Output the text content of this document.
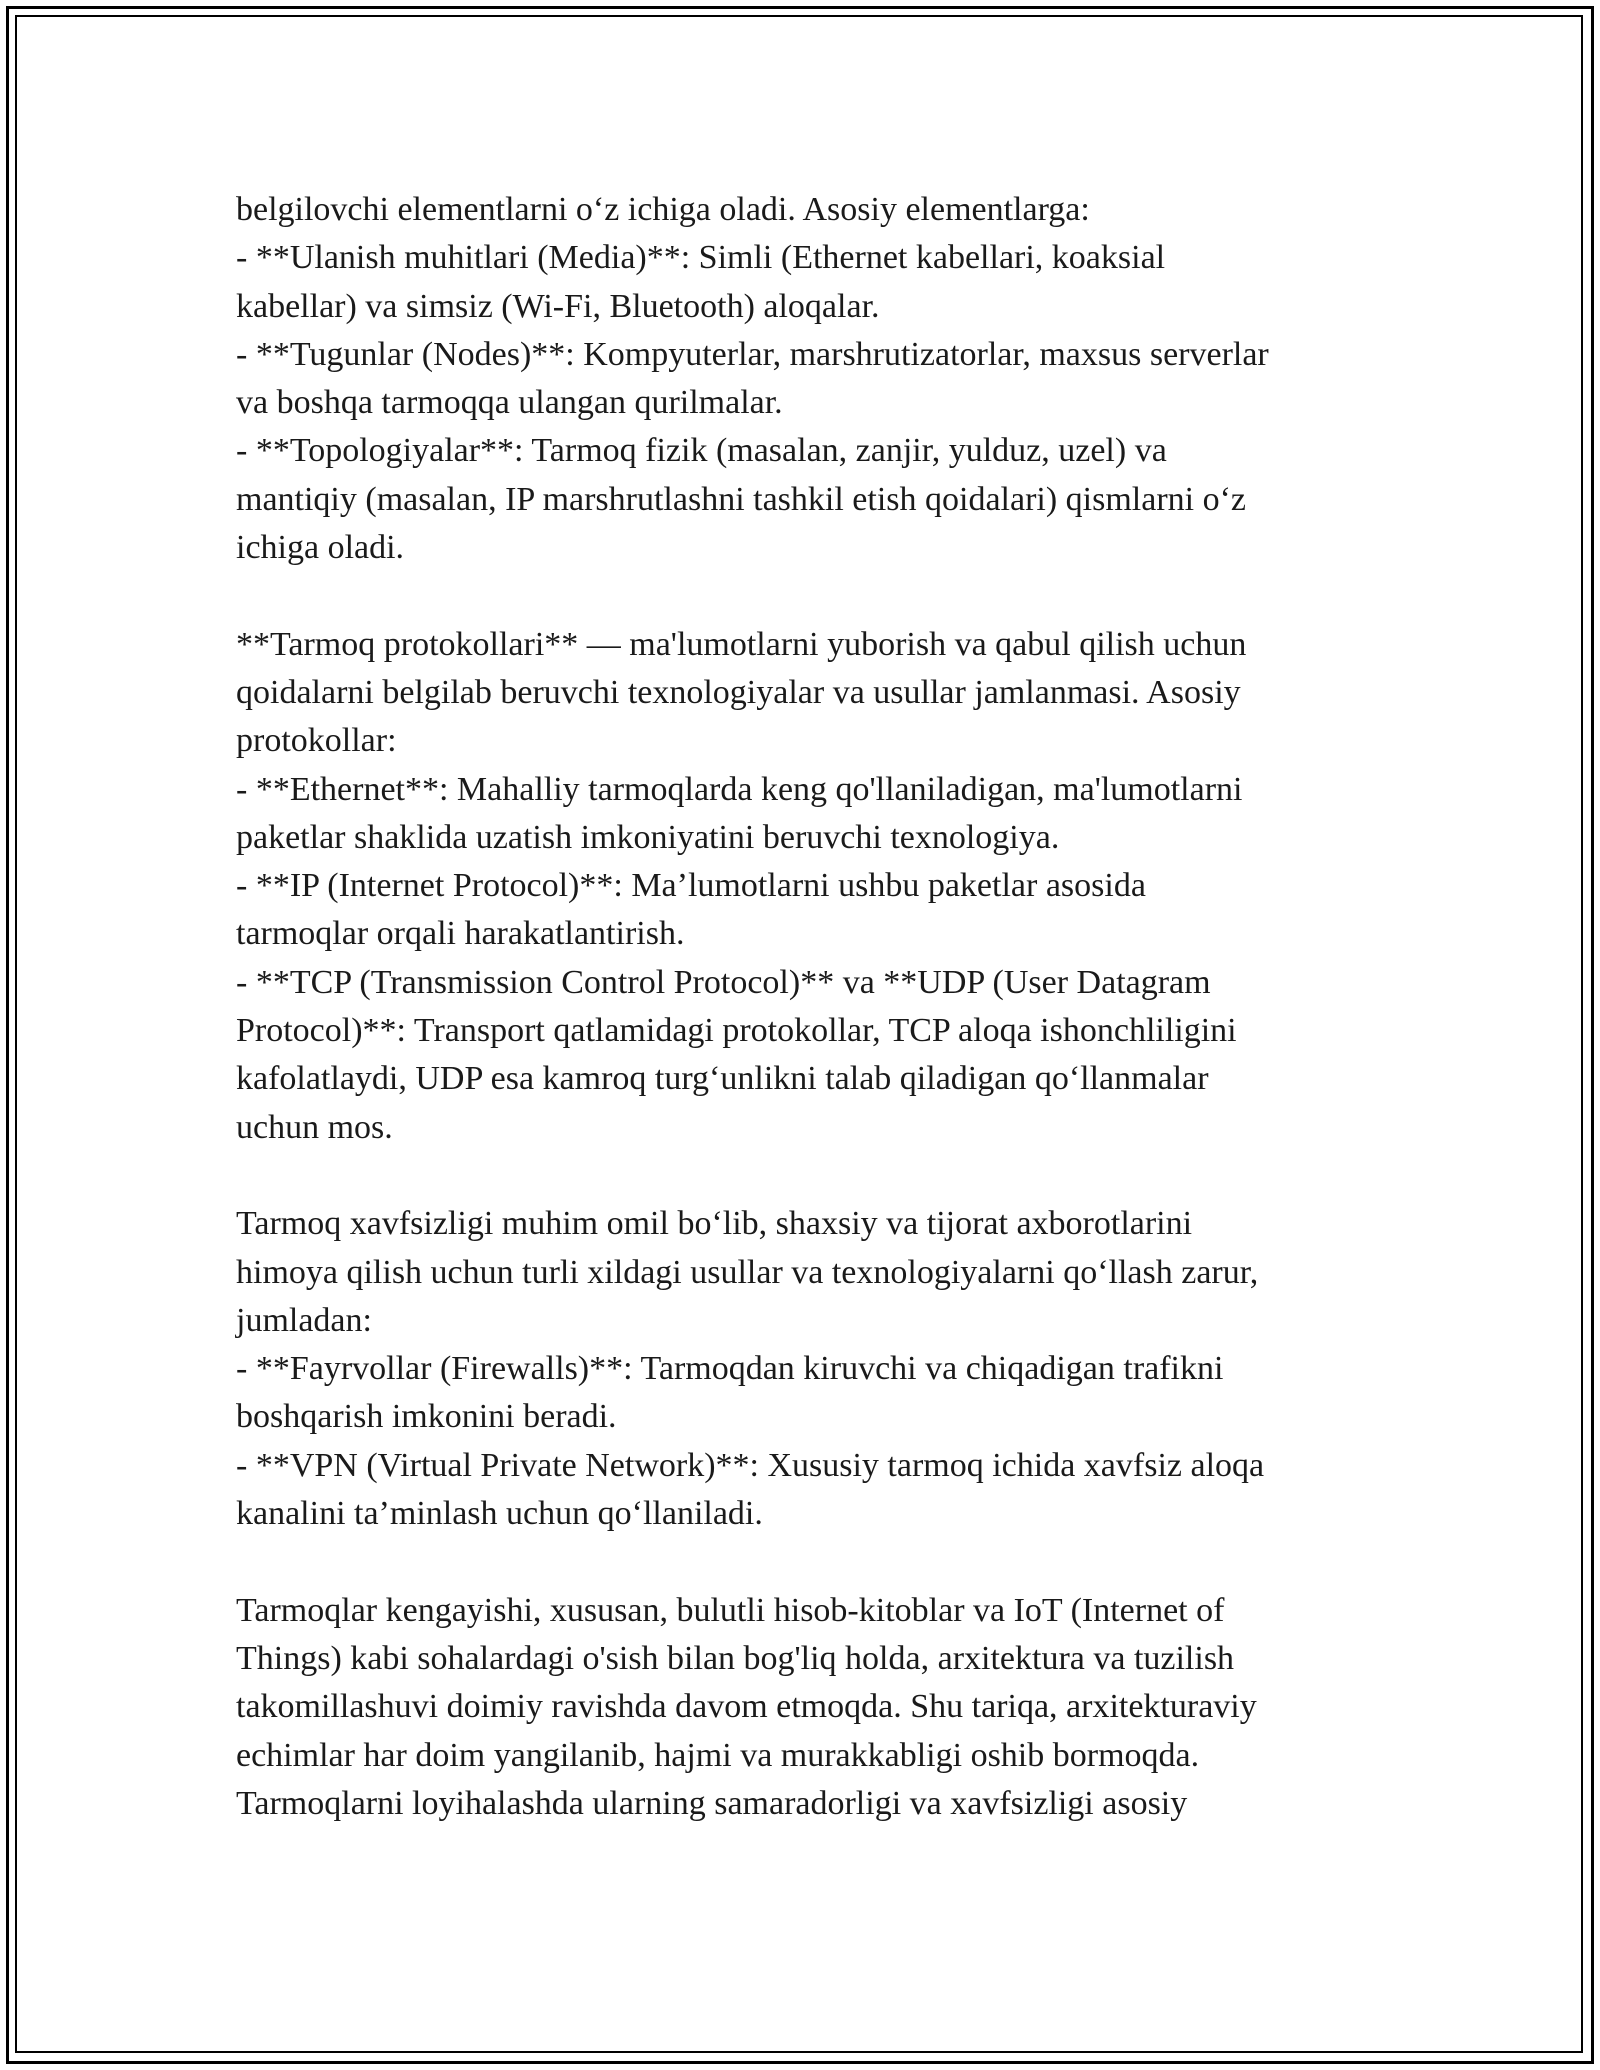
belgilovchi elementlarni o‘z ichiga oladi. Asosiy elementlarga:
- **Ulanish muhitlari (Media)**: Simli (Ethernet kabellari, koaksial
kabellar) va simsiz (Wi-Fi, Bluetooth) aloqalar.
- **Tugunlar (Nodes)**: Kompyuterlar, marshrutizatorlar, maxsus serverlar
va boshqa tarmoqqa ulangan qurilmalar.
- **Topologiyalar**: Tarmoq fizik (masalan, zanjir, yulduz, uzel) va
mantiqiy (masalan, IP marshrutlashni tashkil etish qoidalari) qismlarni o‘z
ichiga oladi.
**Tarmoq protokollari** — ma'lumotlarni yuborish va qabul qilish uchun
qoidalarni belgilab beruvchi texnologiyalar va usullar jamlanmasi. Asosiy
protokollar:
- **Ethernet**: Mahalliy tarmoqlarda keng qo'llaniladigan, ma'lumotlarni
paketlar shaklida uzatish imkoniyatini beruvchi texnologiya.
- **IP (Internet Protocol)**: Ma’lumotlarni ushbu paketlar asosida
tarmoqlar orqali harakatlantirish.
- **TCP (Transmission Control Protocol)** va **UDP (User Datagram
Protocol)**: Transport qatlamidagi protokollar, TCP aloqa ishonchliligini
kafolatlaydi, UDP esa kamroq turg‘unlikni talab qiladigan qo‘llanmalar
uchun mos.
Tarmoq xavfsizligi muhim omil bo‘lib, shaxsiy va tijorat axborotlarini
himoya qilish uchun turli xildagi usullar va texnologiyalarni qo‘llash zarur,
jumladan:
- **Fayrvollar (Firewalls)**: Tarmoqdan kiruvchi va chiqadigan trafikni
boshqarish imkonini beradi.
- **VPN (Virtual Private Network)**: Xususiy tarmoq ichida xavfsiz aloqa
kanalini ta’minlash uchun qo‘llaniladi.
Tarmoqlar kengayishi, xususan, bulutli hisob-kitoblar va IoT (Internet of
Things) kabi sohalardagi o'sish bilan bog'liq holda, arxitektura va tuzilish
takomillashuvi doimiy ravishda davom etmoqda. Shu tariqa, arxitekturaviy
echimlar har doim yangilanib, hajmi va murakkabligi oshib bormoqda.
Tarmoqlarni loyihalashda ularning samaradorligi va xavfsizligi asosiy
